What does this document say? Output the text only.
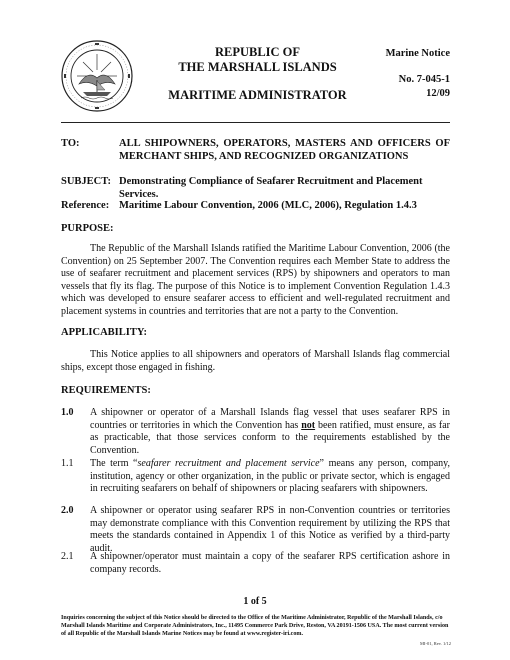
REPUBLIC OF
THE MARSHALL ISLANDS
MARITIME ADMINISTRATOR
Marine Notice
No. 7-045-1
12/09
TO:	ALL SHIPOWNERS, OPERATORS, MASTERS AND OFFICERS OF MERCHANT SHIPS, AND RECOGNIZED ORGANIZATIONS
SUBJECT: Demonstrating Compliance of Seafarer Recruitment and Placement Services.
Reference: Maritime Labour Convention, 2006 (MLC, 2006), Regulation 1.4.3
PURPOSE:
The Republic of the Marshall Islands ratified the Maritime Labour Convention, 2006 (the Convention) on 25 September 2007. The Convention requires each Member State to address the use of seafarer recruitment and placement services (RPS) by shipowners and operators to man vessels that fly its flag. The purpose of this Notice is to implement Convention Regulation 1.4.3 which was developed to ensure seafarer access to efficient and well-regulated recruitment and placement systems in countries and territories that are not a party to the Convention.
APPLICABILITY:
This Notice applies to all shipowners and operators of Marshall Islands flag commercial ships, except those engaged in fishing.
REQUIREMENTS:
1.0 A shipowner or operator of a Marshall Islands flag vessel that uses seafarer RPS in countries or territories in which the Convention has not been ratified, must ensure, as far as practicable, that those services conform to the requirements established by the Convention.
1.1 The term “seafarer recruitment and placement service” means any person, company, institution, agency or other organization, in the public or private sector, which is engaged in recruiting seafarers on behalf of shipowners or placing seafarers with shipowners.
2.0 A shipowner or operator using seafarer RPS in non-Convention countries or territories may demonstrate compliance with this Convention requirement by utilizing the RPS that meets the standards contained in Appendix 1 of this Notice as verified by a third-party audit.
2.1 A shipowner/operator must maintain a copy of the seafarer RPS certification ashore in company records.
1 of 5
Inquiries concerning the subject of this Notice should be directed to the Office of the Maritime Administrator, Republic of the Marshall Islands, c/o Marshall Islands Maritime and Corporate Administrators, Inc., 11495 Commerce Park Drive, Reston, VA 20191-1506 USA. The most current version of all Republic of the Marshall Islands Marine Notices may be found at www.register-iri.com.
MI-01, Rev. 1/12
